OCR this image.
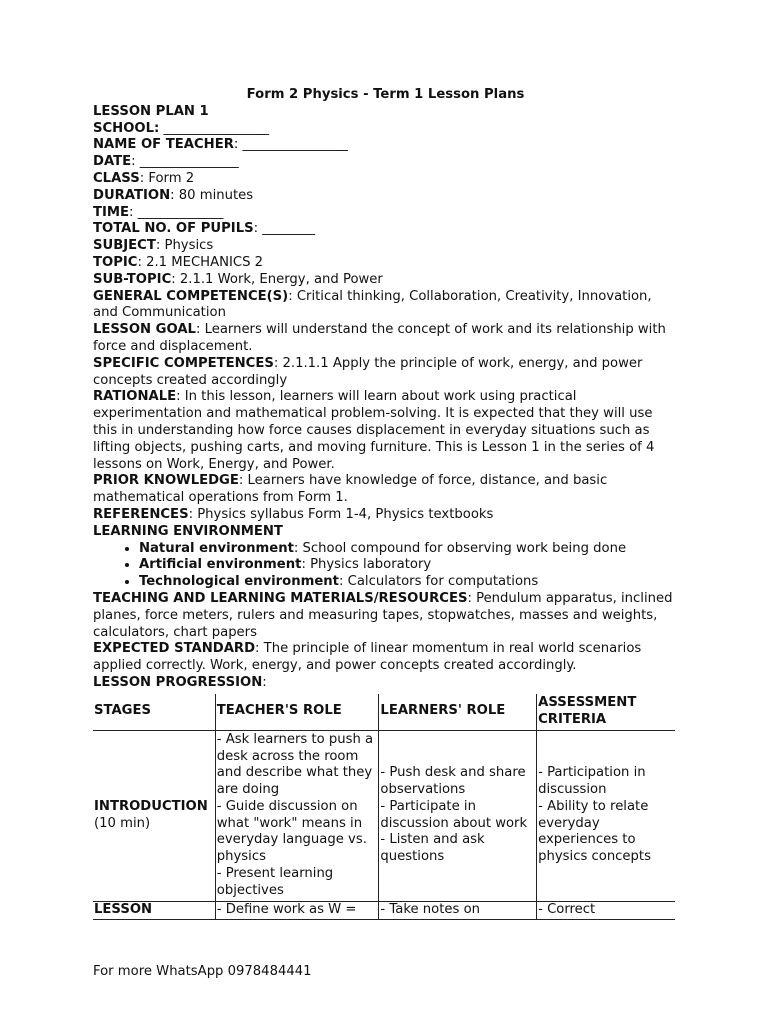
Form 2 Physics - Term 1 Lesson Plans
LESSON PLAN 1
SCHOOL: ________________
NAME OF TEACHER: ________________
DATE: _______________
CLASS: Form 2
DURATION: 80 minutes
TIME: _____________
TOTAL NO. OF PUPILS: ________
SUBJECT: Physics
TOPIC: 2.1 MECHANICS 2
SUB-TOPIC: 2.1.1 Work, Energy, and Power
GENERAL COMPETENCE(S): Critical thinking, Collaboration, Creativity, Innovation, and Communication
LESSON GOAL: Learners will understand the concept of work and its relationship with force and displacement.
SPECIFIC COMPETENCES: 2.1.1.1 Apply the principle of work, energy, and power concepts created accordingly
RATIONALE: In this lesson, learners will learn about work using practical experimentation and mathematical problem-solving. It is expected that they will use this in understanding how force causes displacement in everyday situations such as lifting objects, pushing carts, and moving furniture. This is Lesson 1 in the series of 4 lessons on Work, Energy, and Power.
PRIOR KNOWLEDGE: Learners have knowledge of force, distance, and basic mathematical operations from Form 1.
REFERENCES: Physics syllabus Form 1-4, Physics textbooks
LEARNING ENVIRONMENT
• Natural environment: School compound for observing work being done
• Artificial environment: Physics laboratory
• Technological environment: Calculators for computations
TEACHING AND LEARNING MATERIALS/RESOURCES: Pendulum apparatus, inclined planes, force meters, rulers and measuring tapes, stopwatches, masses and weights, calculators, chart papers
EXPECTED STANDARD: The principle of linear momentum in real world scenarios applied correctly. Work, energy, and power concepts created accordingly.
LESSON PROGRESSION:
STAGES	TEACHER'S ROLE	LEARNERS' ROLE	ASSESSMENT CRITERIA
INTRODUCTION (10 min)	- Ask learners to push a desk across the room and describe what they are doing
- Guide discussion on what "work" means in everyday language vs. physics
- Present learning objectives	- Push desk and share observations
- Participate in discussion about work
- Listen and ask questions	- Participation in discussion
- Ability to relate everyday experiences to physics concepts

LESSON	- Define work as W =	- Take notes on	- Correct
For more WhatsApp 0978484441
